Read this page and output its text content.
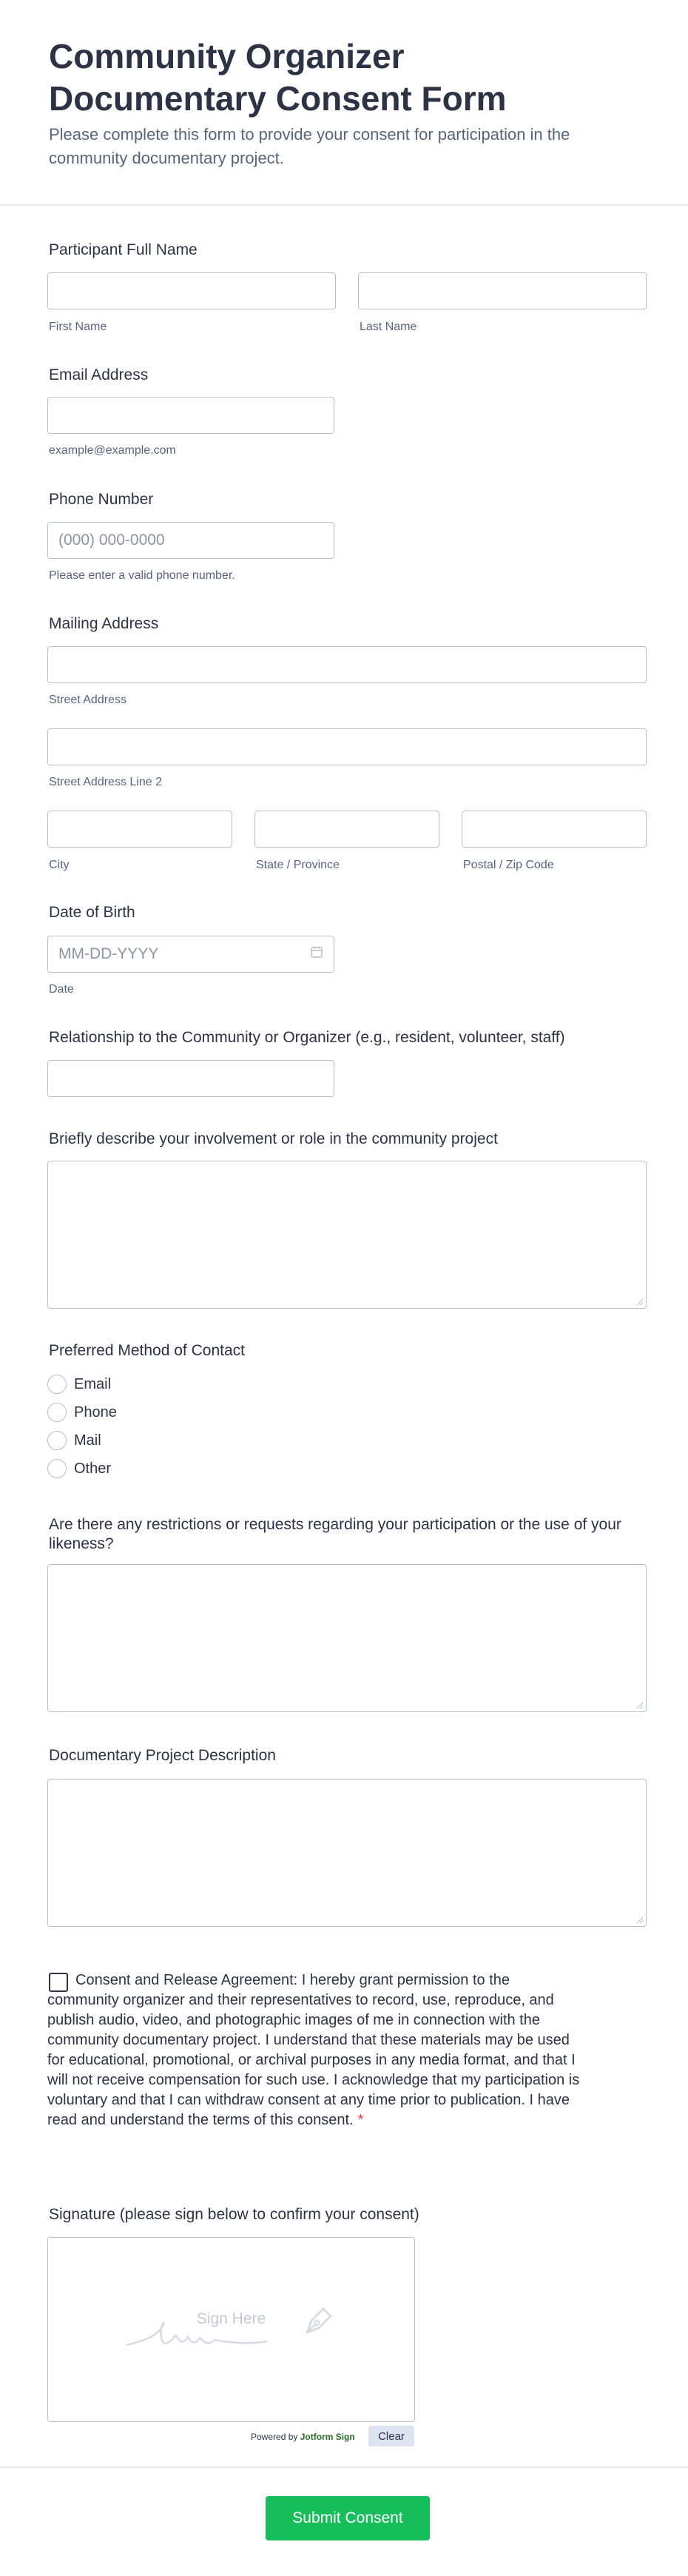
Community Organizer Documentary Consent Form

Please complete this form to provide your consent for participation in the community documentary project.

Participant Full Name
First Name	Last Name
Email Address
example@example.com
Phone Number
(000) 000-0000
Please enter a valid phone number.
Mailing Address
Street Address
Street Address Line 2
City	State / Province	Postal / Zip Code
Date of Birth
MM-DD-YYYY
Date
Relationship to the Community or Organizer (e.g., resident, volunteer, staff)
Briefly describe your involvement or role in the community project
Preferred Method of Contact
Email
Phone
Mail
Other
Are there any restrictions or requests regarding your participation or the use of your likeness?
Documentary Project Description
Consent and Release Agreement: I hereby grant permission to the community organizer and their representatives to record, use, reproduce, and publish audio, video, and photographic images of me in connection with the community documentary project. I understand that these materials may be used for educational, promotional, or archival purposes in any media format, and that I will not receive compensation for such use. I acknowledge that my participation is voluntary and that I can withdraw consent at any time prior to publication. I have read and understand the terms of this consent. *
Signature (please sign below to confirm your consent)
Sign Here
Powered by Jotform Sign	Clear
Submit Consent
